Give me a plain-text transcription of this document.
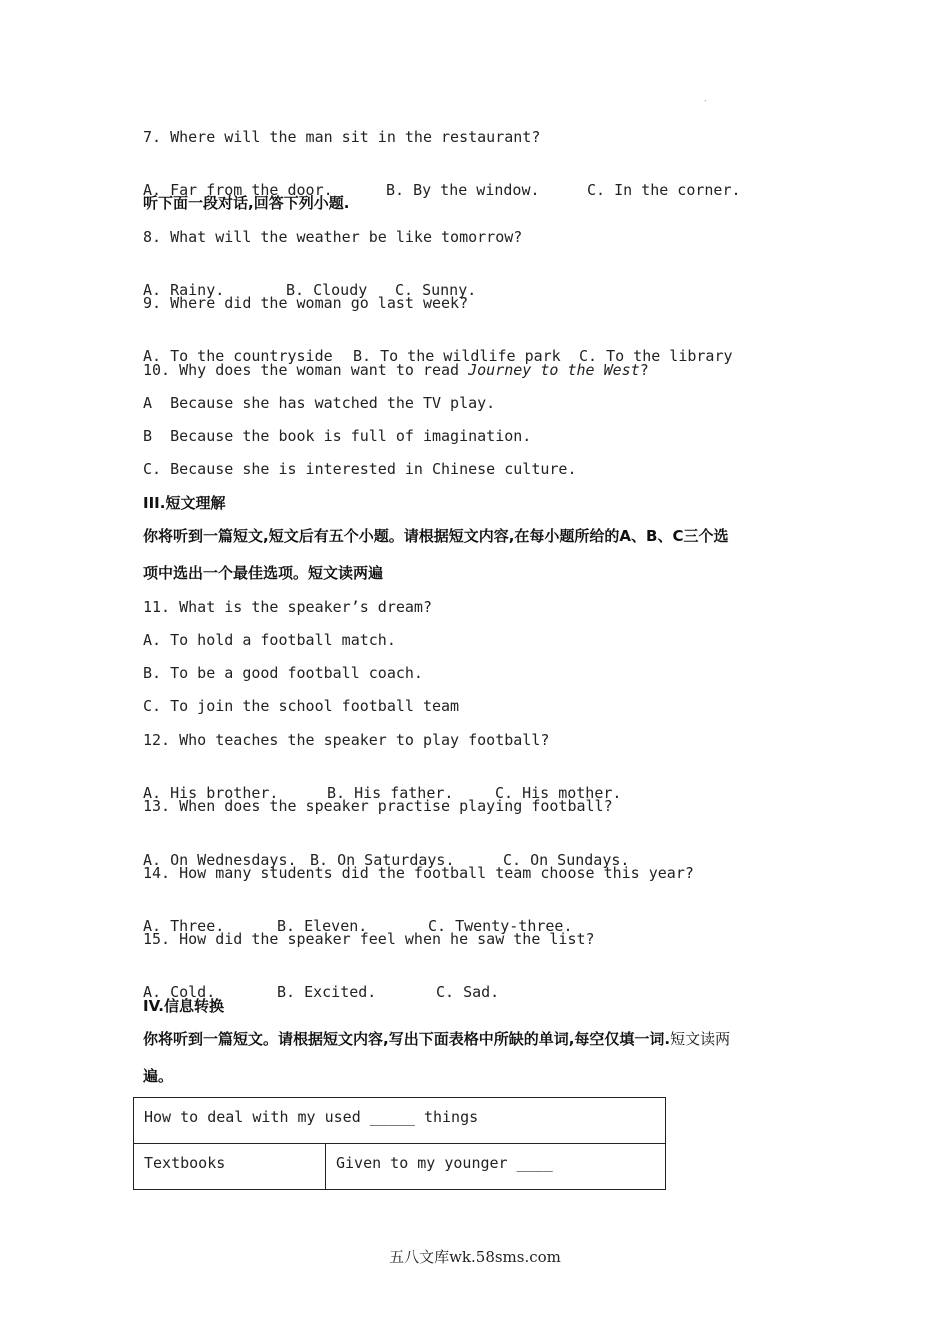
ˎ
7. Where will the man sit in the restaurant?

A. Far from the door.	B. By the window.	C. In the corner.

听下面一段对话,回答下列小题.
8. What will the weather be like tomorrow?

A. Rainy.	B. Cloudy C. Sunny.

9. Where did the woman go last week?

A. To the countryside B. To the wildlife park C. To the library

10. Why does the woman want to read Journey to the West?
A  Because she has watched the TV play.
B  Because the book is full of imagination.
C. Because she is interested in Chinese culture.
III.短文理解
你将听到一篇短文,短文后有五个小题。请根据短文内容,在每小题所给的A、B、C三个选
项中选出一个最佳选项。短文读两遍
11. What is the speaker’s dream?
A. To hold a football match.
B. To be a good football coach.
C. To join the school football team
12. Who teaches the speaker to play football?

A. His brother.	B. His father.	C. His mother.

13. When does the speaker practise playing football?

A. On Wednesdays. B. On Saturdays.	C. On Sundays.

14. How many students did the football team choose this year?

A. Three.	B. Eleven.	C. Twenty-three.

15. How did the speaker feel when he saw the list?

A. Cold.	B. Excited.	C. Sad.

IV.信息转换
你将听到一篇短文。请根据短文内容,写出下面表格中所缺的单词,每空仅填一词.短文读两
遍。
How to deal with my used _____ things
Textbooks	Given to my younger ____
五八文库wk.58sms.com
